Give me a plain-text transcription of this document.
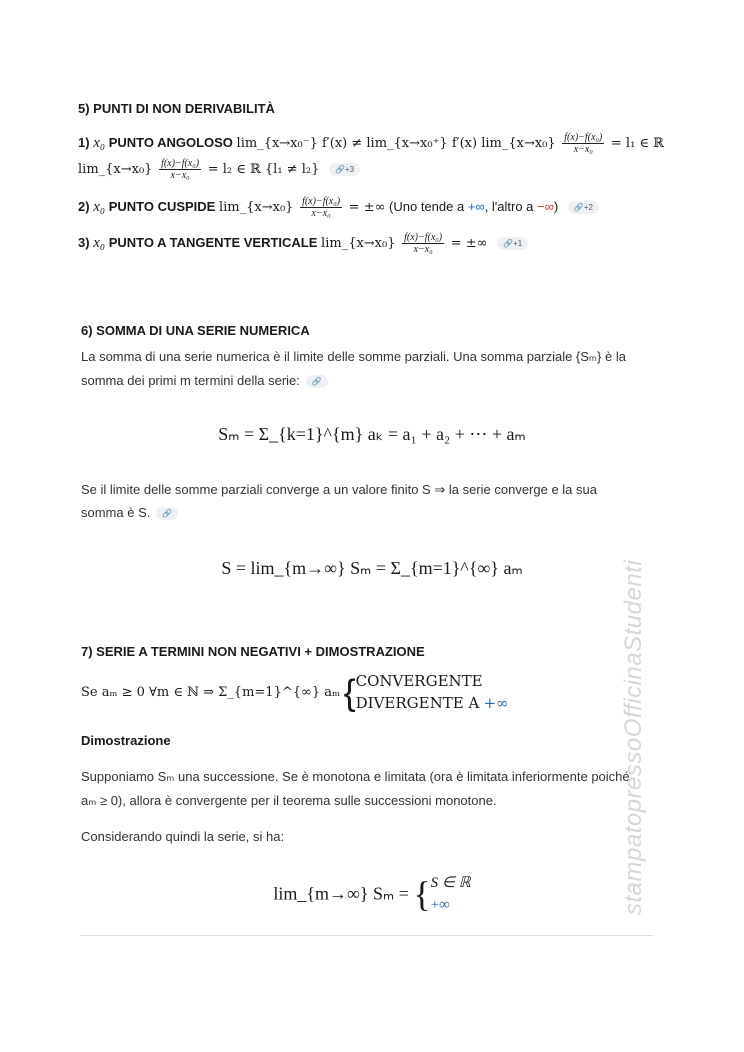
5) PUNTI DI NON DERIVABILITÀ
1) x₀ PUNTO ANGOLOSO lim_{x→x₀⁻} f′(x) ≠ lim_{x→x₀⁺} f′(x) lim_{x→x₀} $\frac{\text{f(x)−f(x₀)}}{\text{x−x₀}} = l_1$ ∈ ℝ
lim_{x→x₀} $\frac{\text{f(x)−f(x₀)}}{\text{x−x₀}} = l_2$ ∈ ℝ {l₁ ≠ l₂} 🔗+3
2) x₀ PUNTO CUSPIDE lim_{x→x₀} $\frac{\text{f(x)−f(x₀)}}{\text{x−x₀}}$ = ±∞ (Uno tende a +∞, l'altro a −∞) 🔗+2
3) x₀ PUNTO A TANGENTE VERTICALE lim_{x→x₀} $\frac{\text{f(x)−f(x₀)}}{\text{x−x₀}}$ = ±∞ 🔗+1
6) SOMMA DI UNA SERIE NUMERICA
La somma di una serie numerica è il limite delle somme parziali. Una somma parziale {Sₘ} è la
somma dei primi m termini della serie: 🔗
Sₘ = Σ_{k=1}^{m} aₖ = a₁ + a₂ + ⋯ + aₘ
Se il limite delle somme parziali converge a un valore finito S ⇒ la serie converge e la sua
somma è S. 🔗
S = lim_{m→∞} Sₘ = Σ_{m=1}^{∞} aₘ
7) SERIE A TERMINI NON NEGATIVI + DIMOSTRAZIONE
Se aₘ ≥ 0 ∀m ∈ ℕ ⇒ Σ_{m=1}^{∞} aₘ { CONVERGENTE
DIVERGENTE A +∞
Dimostrazione
Supponiamo Sₘ una successione. Se è monotona e limitata (ora è limitata inferiormente poiché
aₘ ≥ 0), allora è convergente per il teorema sulle successioni monotone.
Considerando quindi la serie, si ha:
lim_{m→∞} Sₘ = { S ∈ ℝ
+∞	stampatopressoOfficinaStudenti
